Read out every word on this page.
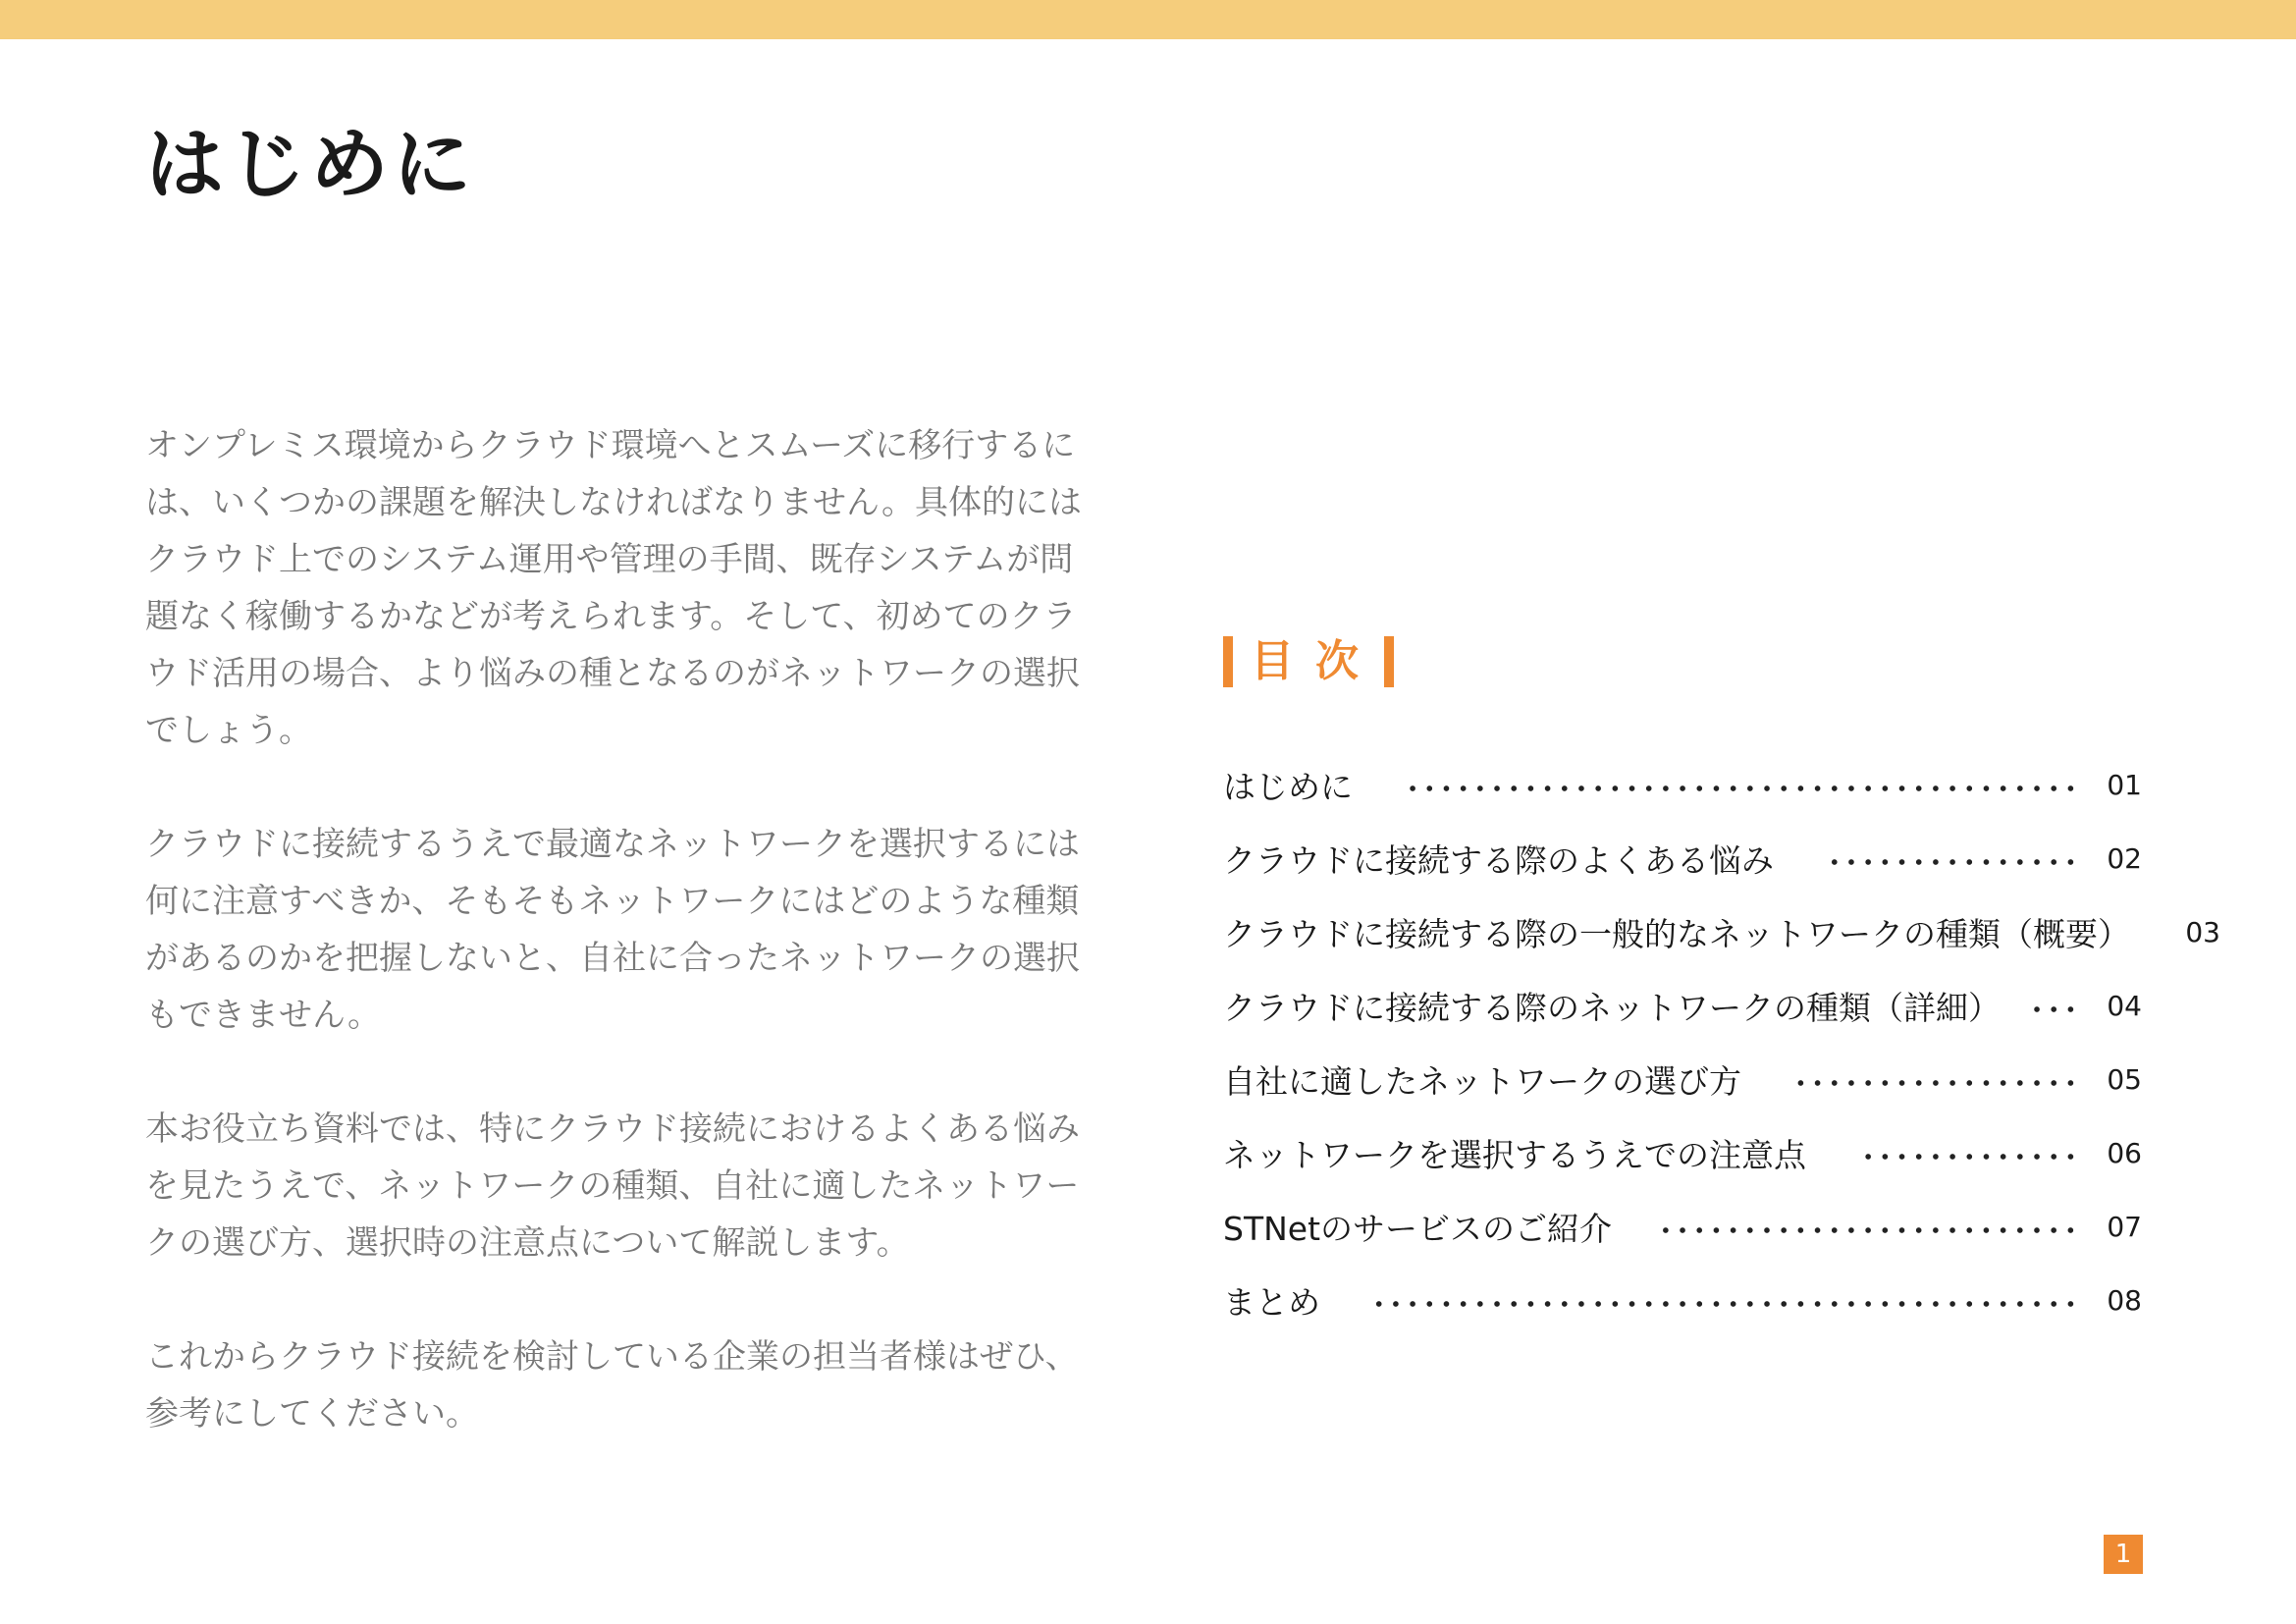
はじめに

オンプレミス環境からクラウド環境へとスムーズに移行するには、いくつかの課題を解決しなければなりません。具体的にはクラウド上でのシステム運用や管理の手間、既存システムが問題なく稼働するかなどが考えられます。そして、初めてのクラウド活用の場合、より悩みの種となるのがネットワークの選択でしょう。

クラウドに接続するうえで最適なネットワークを選択するには何に注意すべきか、そもそもネットワークにはどのような種類があるのかを把握しないと、自社に合ったネットワークの選択もできません。

本お役立ち資料では、特にクラウド接続におけるよくある悩みを見たうえで、ネットワークの種類、自社に適したネットワークの選び方、選択時の注意点について解説します。

これからクラウド接続を検討している企業の担当者様はぜひ、参考にしてください。

目次
はじめに	01
クラウドに接続する際のよくある悩み	02
クラウドに接続する際の一般的なネットワークの種類（概要） 03
クラウドに接続する際のネットワークの種類（詳細）	04
自社に適したネットワークの選び方	05
ネットワークを選択するうえでの注意点	06
STNetのサービスのご紹介	07
まとめ	08
1
